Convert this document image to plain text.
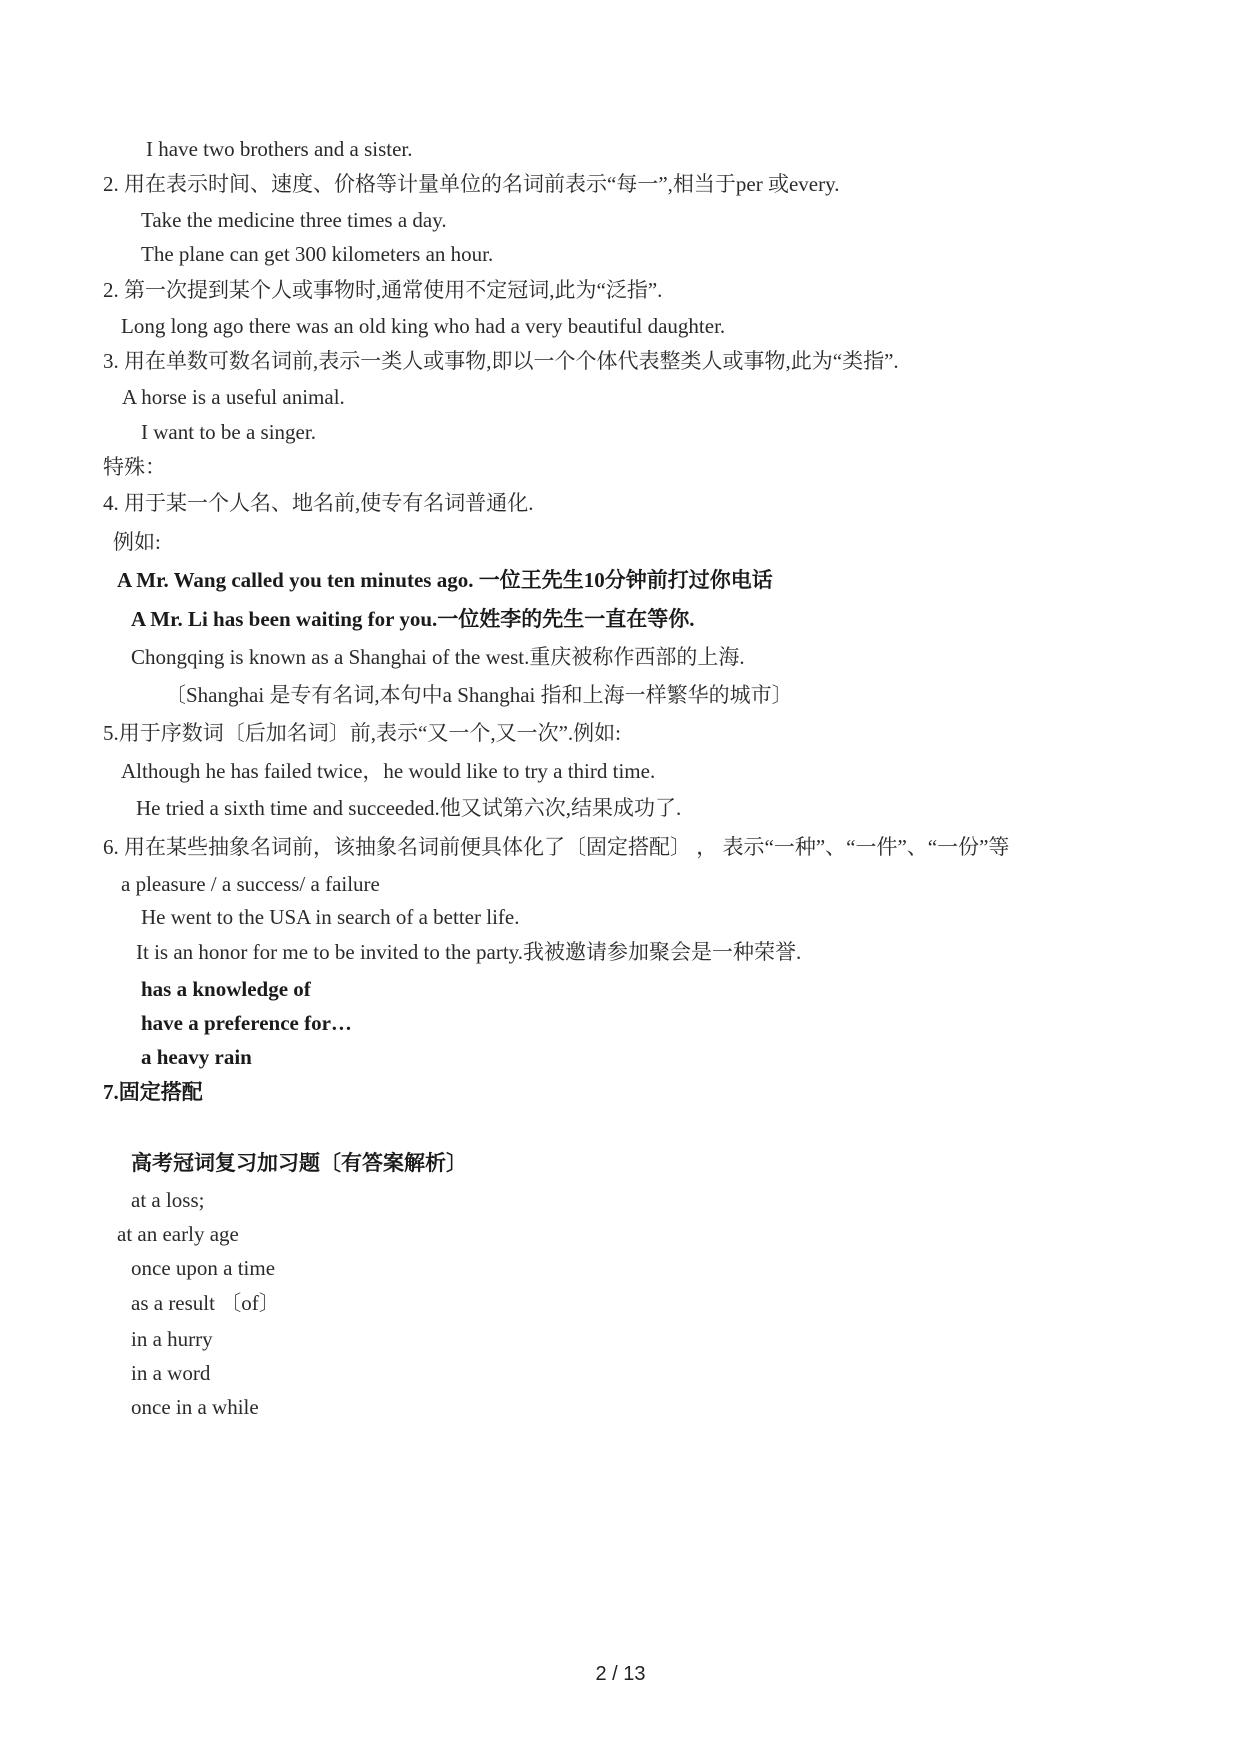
I have two brothers and a sister.
2. 用在表示时间、速度、价格等计量单位的名词前表示“每一”,相当于per 或every.
Take the medicine three times a day.
The plane can get 300 kilometers an hour.
2. 第一次提到某个人或事物时,通常使用不定冠词,此为“泛指”.
Long long ago there was an old king who had a very beautiful daughter.
3. 用在单数可数名词前,表示一类人或事物,即以一个个体代表整类人或事物,此为“类指”.
A horse is a useful animal.
I want to be a singer.
特殊：
4. 用于某一个人名、地名前,使专有名词普通化.
例如:
A Mr. Wang called you ten minutes ago. 一位王先生10分钟前打过你电话
A Mr. Li has been waiting for you.一位姓李的先生一直在等你.
Chongqing is known as a Shanghai of the west.重庆被称作西部的上海.
〔Shanghai 是专有名词,本句中a Shanghai 指和上海一样繁华的城市〕
5.用于序数词〔后加名词〕前,表示“又一个,又一次”.例如:
Although he has failed twice，he would like to try a third time.
He tried a sixth time and succeeded.他又试第六次,结果成功了.
6. 用在某些抽象名词前，该抽象名词前便具体化了〔固定搭配〕 ， 表示“一种”、“一件”、“一份”等
a pleasure / a success/ a failure
He went to the USA in search of a better life.
It is an honor for me to be invited to the party.我被邀请参加聚会是一种荣誉.
has a knowledge of
have a preference for…
a heavy rain
7.固定搭配
高考冠词复习加习题〔有答案解析〕
at a loss;
at an early age
once upon a time
as a result 〔of〕
in a hurry
in a word
once in a while
2 / 13
